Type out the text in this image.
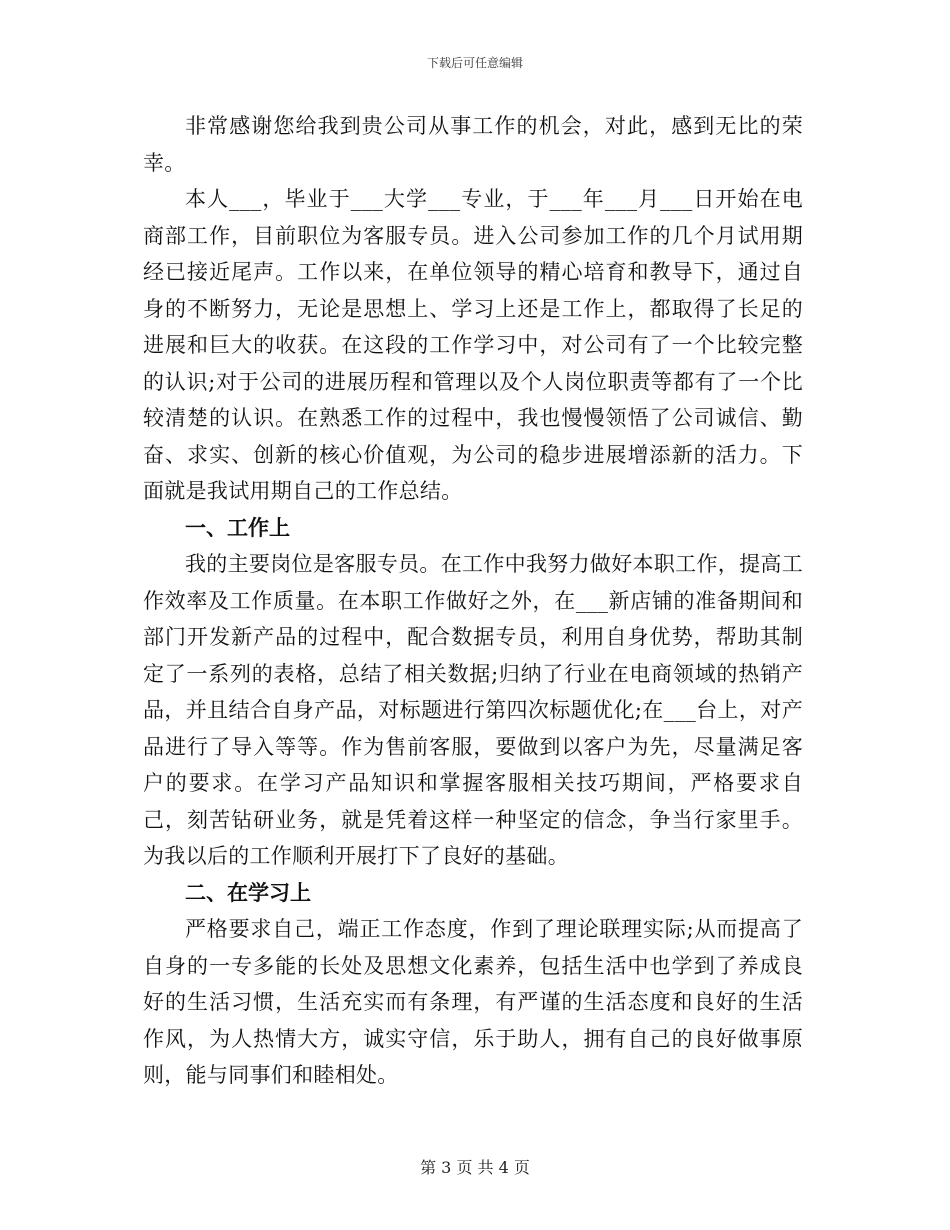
下载后可任意编辑

非常感谢您给我到贵公司从事工作的机会，对此，感到无比的荣幸。

本人___，毕业于___大学___专业，于___年___月___日开始在电商部工作，目前职位为客服专员。进入公司参加工作的几个月试用期经已接近尾声。工作以来，在单位领导的精心培育和教导下，通过自身的不断努力，无论是思想上、学习上还是工作上，都取得了长足的进展和巨大的收获。在这段的工作学习中，对公司有了一个比较完整的认识;对于公司的进展历程和管理以及个人岗位职责等都有了一个比较清楚的认识。在熟悉工作的过程中，我也慢慢领悟了公司诚信、勤奋、求实、创新的核心价值观，为公司的稳步进展增添新的活力。下面就是我试用期自己的工作总结。

一、工作上

我的主要岗位是客服专员。在工作中我努力做好本职工作，提高工作效率及工作质量。在本职工作做好之外，在___新店铺的准备期间和部门开发新产品的过程中，配合数据专员，利用自身优势，帮助其制定了一系列的表格，总结了相关数据;归纳了行业在电商领域的热销产品，并且结合自身产品，对标题进行第四次标题优化;在___台上，对产品进行了导入等等。作为售前客服，要做到以客户为先，尽量满足客户的要求。在学习产品知识和掌握客服相关技巧期间，严格要求自己，刻苦钻研业务，就是凭着这样一种坚定的信念，争当行家里手。为我以后的工作顺利开展打下了良好的基础。

二、在学习上

严格要求自己，端正工作态度，作到了理论联理实际;从而提高了自身的一专多能的长处及思想文化素养，包括生活中也学到了养成良好的生活习惯，生活充实而有条理，有严谨的生活态度和良好的生活作风，为人热情大方，诚实守信，乐于助人，拥有自己的良好做事原则，能与同事们和睦相处。

第 3 页 共 4 页
